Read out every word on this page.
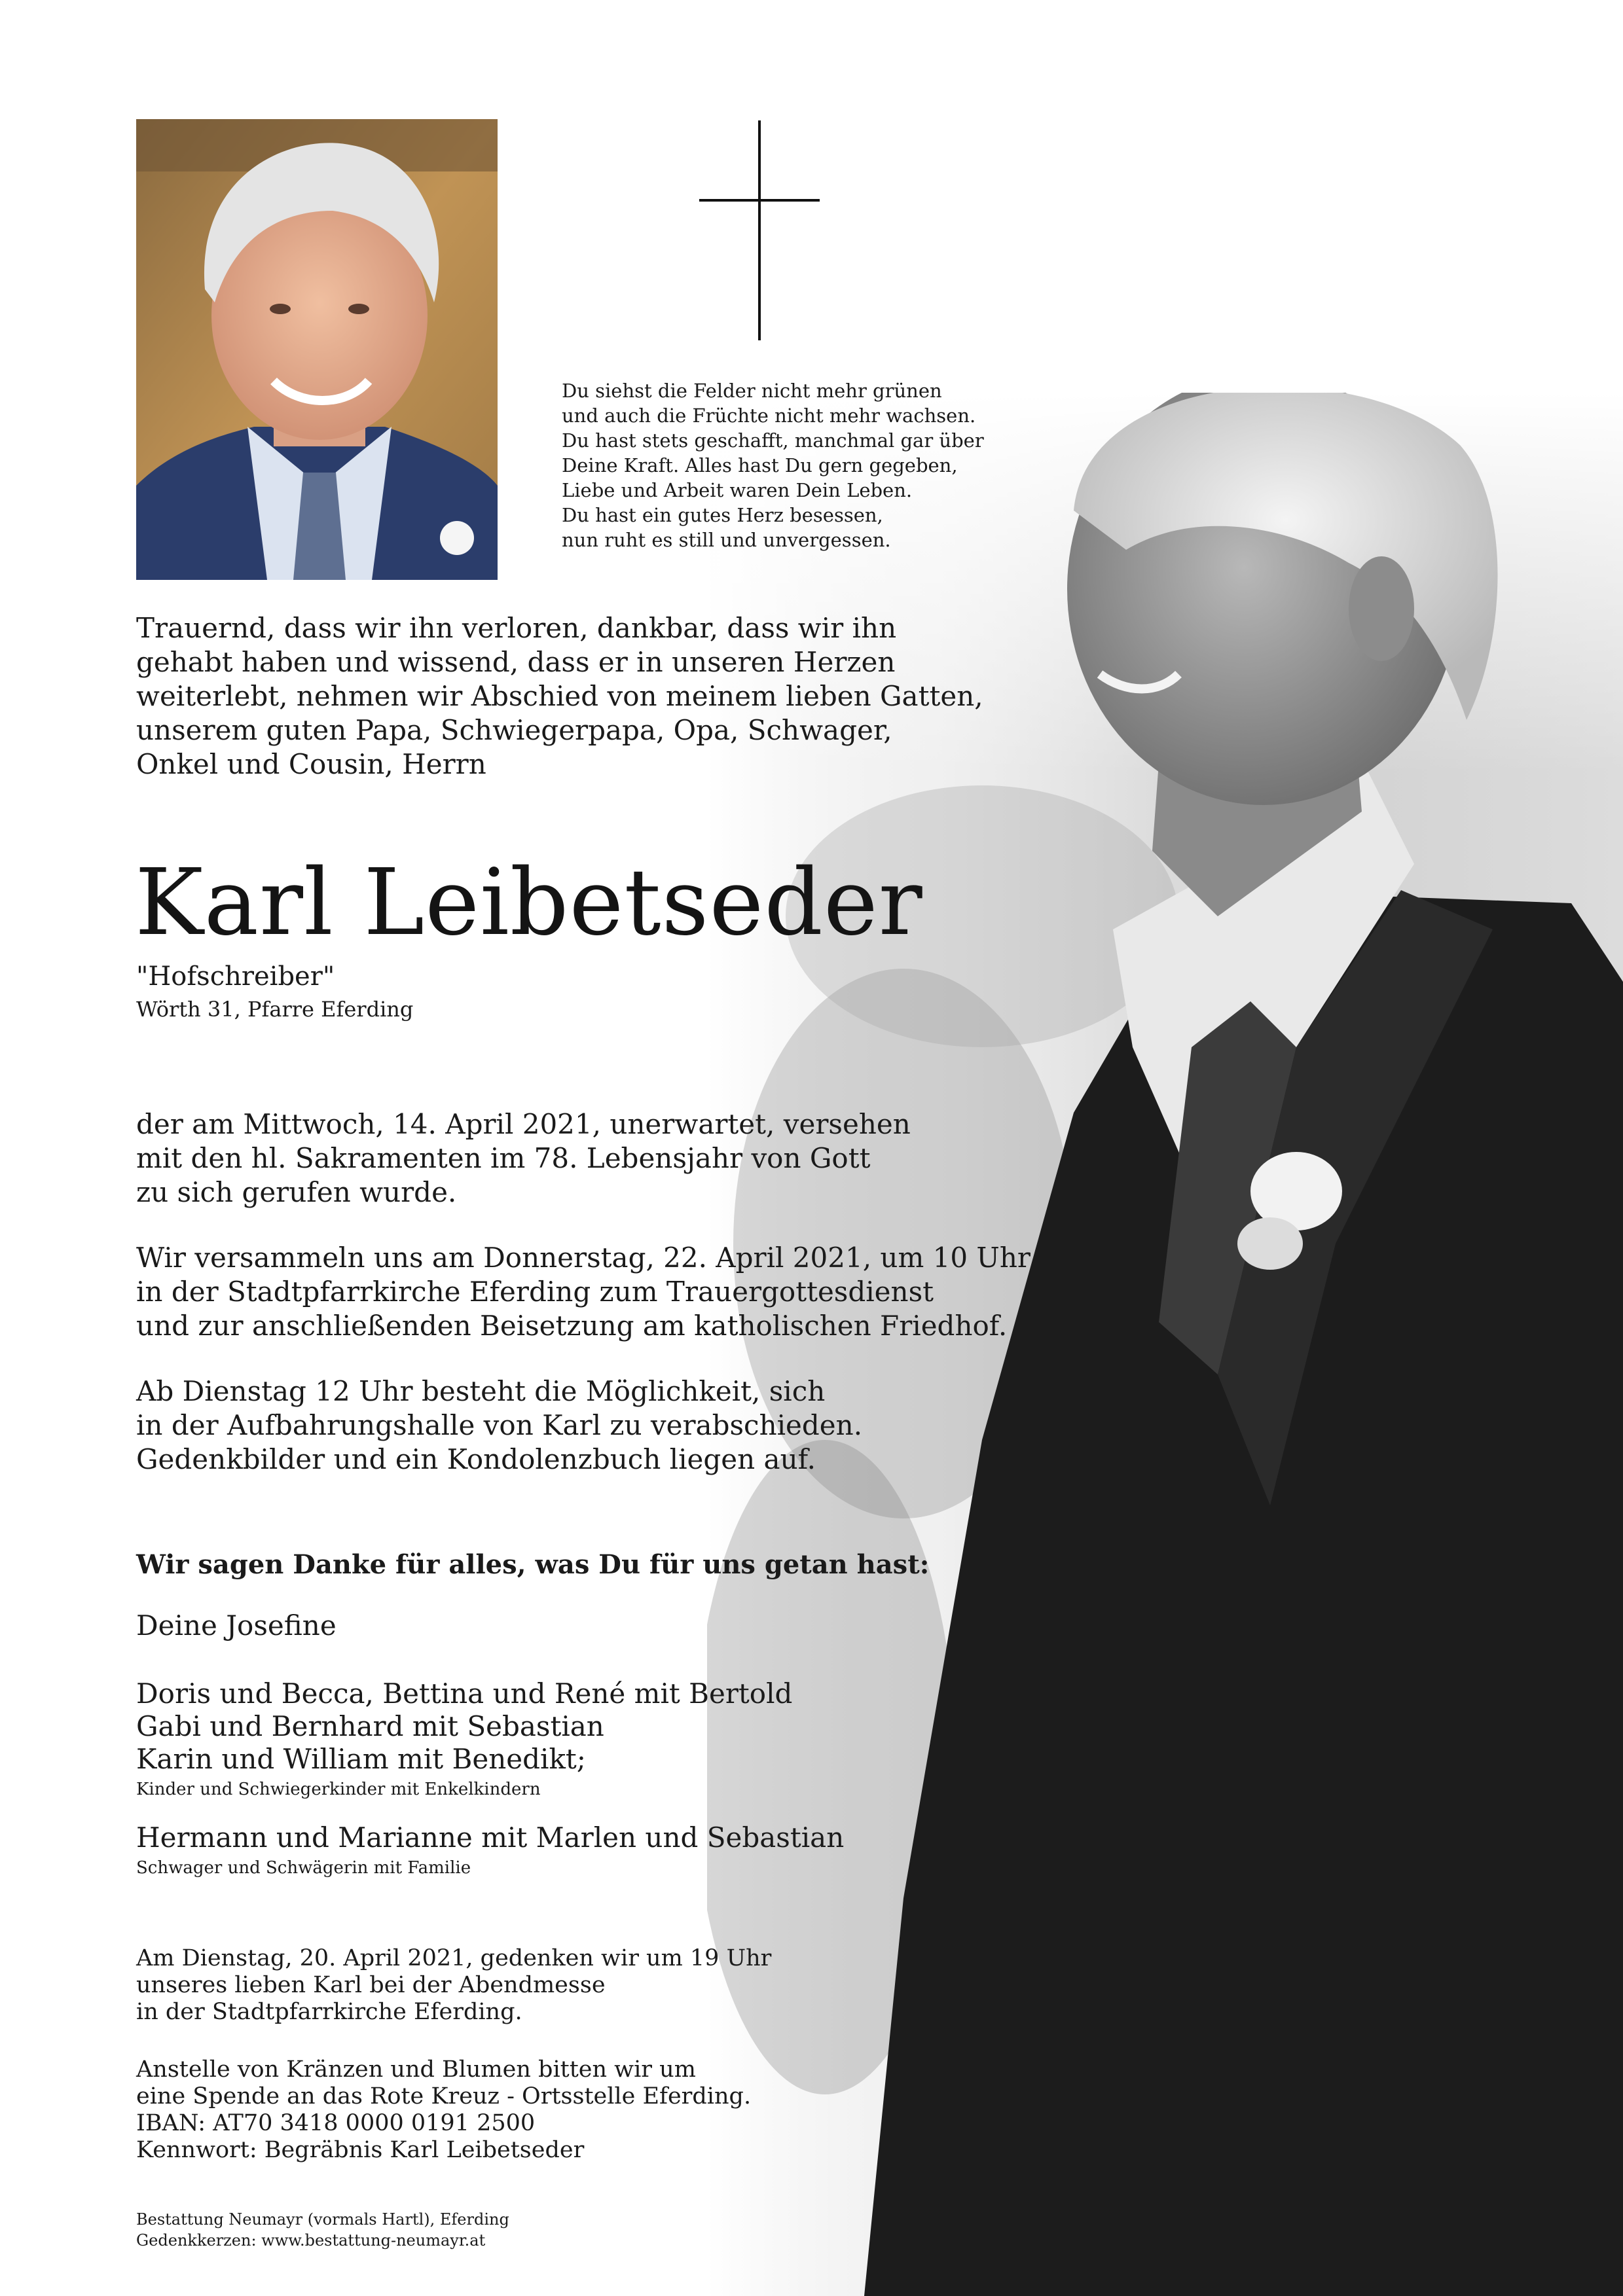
Du siehst die Felder nicht mehr grünen
und auch die Früchte nicht mehr wachsen.
Du hast stets geschafft, manchmal gar über
Deine Kraft. Alles hast Du gern gegeben,
Liebe und Arbeit waren Dein Leben.
Du hast ein gutes Herz besessen,
nun ruht es still und unvergessen.
Trauernd, dass wir ihn verloren, dankbar, dass wir ihn
gehabt haben und wissend, dass er in unseren Herzen
weiterlebt, nehmen wir Abschied von meinem lieben Gatten,
unserem guten Papa, Schwiegerpapa, Opa, Schwager,
Onkel und Cousin, Herrn
Karl Leibetseder
"Hofschreiber"
Wörth 31, Pfarre Eferding
der am Mittwoch, 14. April 2021, unerwartet, versehen
mit den hl. Sakramenten im 78. Lebensjahr von Gott
zu sich gerufen wurde.
Wir versammeln uns am Donnerstag, 22. April 2021, um 10 Uhr
in der Stadtpfarrkirche Eferding zum Trauergottesdienst
und zur anschließenden Beisetzung am katholischen Friedhof.
Ab Dienstag 12 Uhr besteht die Möglichkeit, sich
in der Aufbahrungshalle von Karl zu verabschieden.
Gedenkbilder und ein Kondolenzbuch liegen auf.
Wir sagen Danke für alles, was Du für uns getan hast:
Deine Josefine
Doris und Becca, Bettina und René mit Bertold
Gabi und Bernhard mit Sebastian
Karin und William mit Benedikt;
Kinder und Schwiegerkinder mit Enkelkindern
Hermann und Marianne mit Marlen und Sebastian
Schwager und Schwägerin mit Familie
Am Dienstag, 20. April 2021, gedenken wir um 19 Uhr
unseres lieben Karl bei der Abendmesse
in der Stadtpfarrkirche Eferding.
Anstelle von Kränzen und Blumen bitten wir um
eine Spende an das Rote Kreuz - Ortsstelle Eferding.
IBAN: AT70 3418 0000 0191 2500
Kennwort: Begräbnis Karl Leibetseder
Bestattung Neumayr (vormals Hartl), Eferding
Gedenkkerzen: www.bestattung-neumayr.at
